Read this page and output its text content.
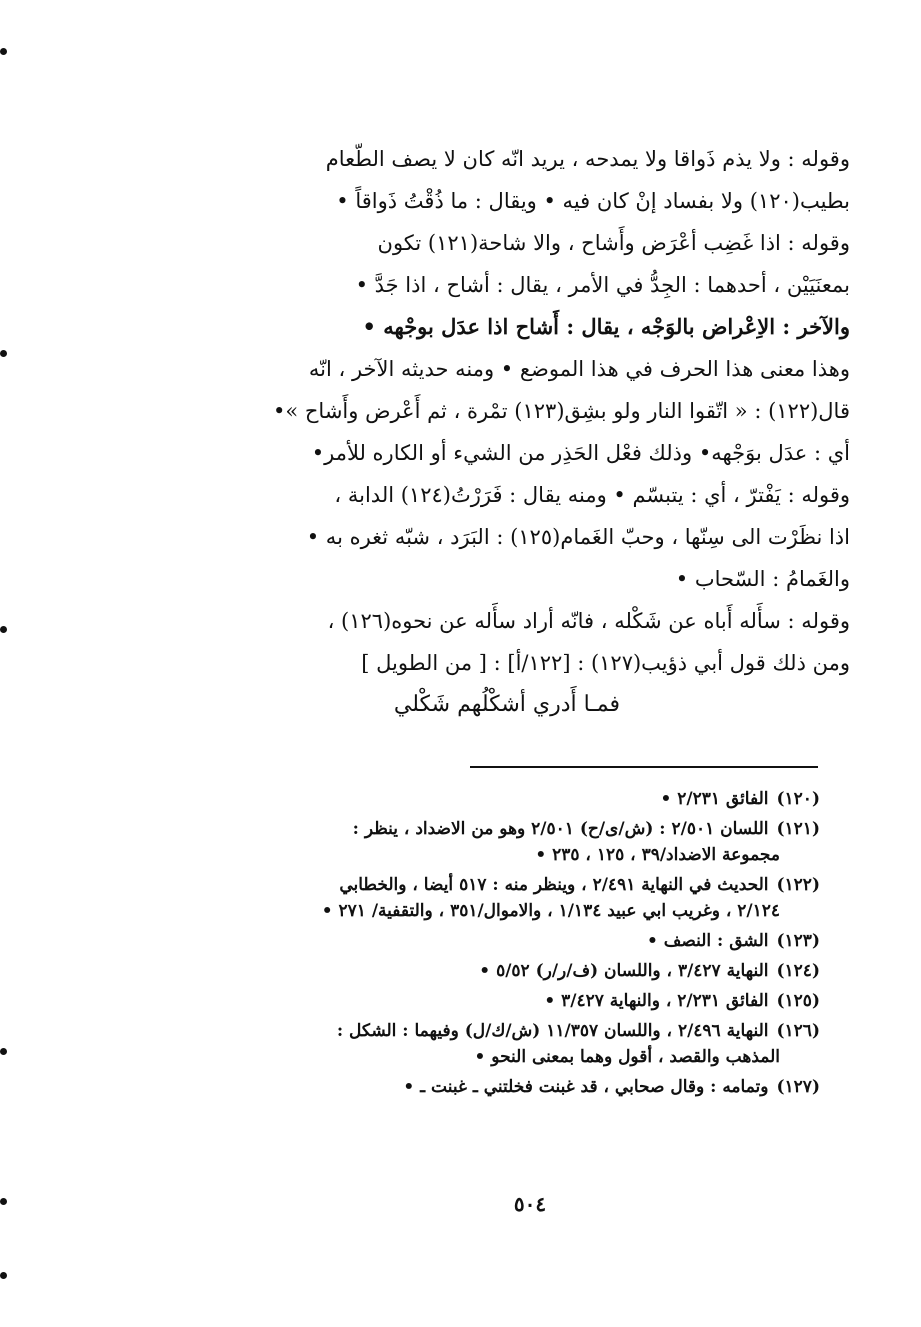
وقوله : ولا يذم ذَواقا ولا يمدحه ، يريد انّه كان لا يصف الطّعام
بطيب(١٢٠) ولا بفساد إنْ كان فيه • ويقال : ما ذُقْتُ ذَواقاً •
وقوله : اذا غَضِب أعْرَض وأَشاح ، والا شاحة(١٢١) تكون
بمعنَيَيْن ، أحدهما : الجِدُّ في الأمر ، يقال : أشاح ، اذا جَدَّ •
والآخر : الاِعْراض بالوَجْه ، يقال : أَشاح اذا عدَل بوجْهه •
وهذا معنى هذا الحرف في هذا الموضع • ومنه حديثه الآخر ، انّه
قال(١٢٢) : « اتّقوا النار ولو بشِق(١٢٣) تمْرة ، ثم أَعْرض وأَشاح »•
أي : عدَل بوَجْهه• وذلك فعْل الحَذِر من الشيء أو الكاره للأمر•
وقوله : يَفْترّ ، أي : يتبسّم • ومنه يقال : فَرَرْتُ(١٢٤) الدابة ،
اذا نظَرْت الى سِنّها ، وحبّ الغَمام(١٢٥) : البَرَد ، شبّه ثغره به •
والغَمامُ : السّحاب •
وقوله : سأَله أَباه عن شَكْله ، فانّه أراد سأَله عن نحوه(١٢٦) ،
ومن ذلك قول أبي ذؤيب(١٢٧) : [١٢٢/أ] : [ من الطويل ]
فمـا أَدري أشكْلُهم شَكْلي
(١٢٠)الفائق ٢/٢٣١ •
(١٢١)اللسان ٢/٥٠١ : (ش/ى/ح) ٢/٥٠١ وهو من الاضداد ، ينظر :
مجموعة الاضداد/٣٩ ، ١٢٥ ، ٢٣٥ •
(١٢٢)الحديث في النهاية ٢/٤٩١ ، وينظر منه : ٥١٧ أيضا ، والخطابي
٢/١٢٤ ، وغريب ابي عبيد ١/١٣٤ ، والاموال/٣٥١ ، والتقفية/ ٢٧١ •
(١٢٣)الشق : النصف •
(١٢٤)النهاية ٣/٤٢٧ ، واللسان (ف/ر/ر) ٥/٥٢ •
(١٢٥)الفائق ٢/٢٣١ ، والنهاية ٣/٤٢٧ •
(١٢٦)النهاية ٢/٤٩٦ ، واللسان ١١/٣٥٧ (ش/ك/ل) وفيهما : الشكل :
المذهب والقصد ، أقول وهما بمعنى النحو •
(١٢٧)وتمامه : وقال صحابي ، قد غبنت فخلتني ـ غبنت ـ •
٥٠٤
